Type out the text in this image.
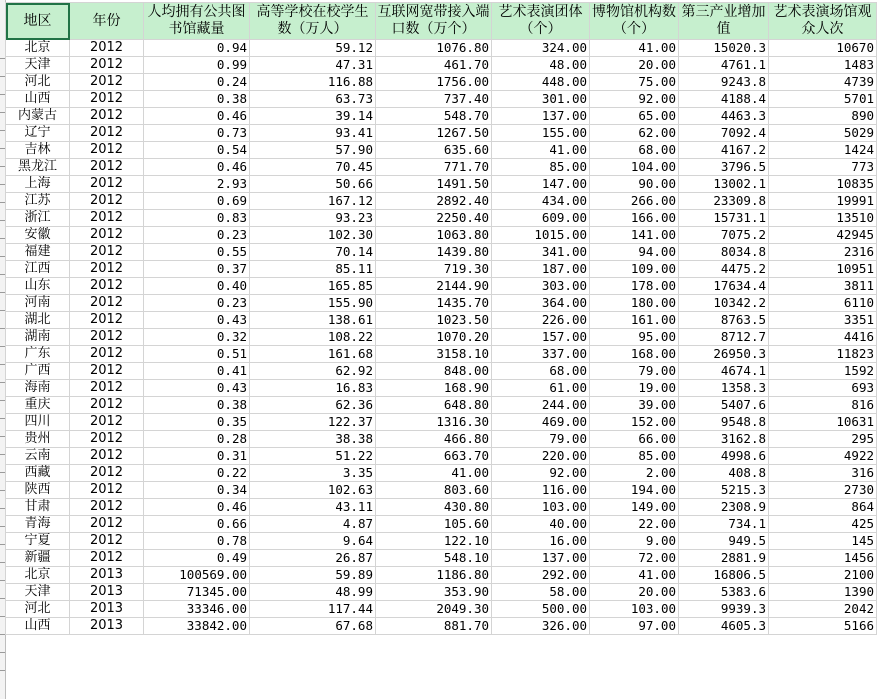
地区	年份	人均拥有公共图书馆藏量	高等学校在校学生数（万人）	互联网宽带接入端口数（万个）	艺术表演团体（个）	博物馆机构数（个）	第三产业增加值	艺术表演场馆观众人次
北京	2012	0.94	59.12	1076.80	324.00	41.00	15020.3	10670
天津	2012	0.99	47.31	461.70	48.00	20.00	4761.1	1483
河北	2012	0.24	116.88	1756.00	448.00	75.00	9243.8	4739
山西	2012	0.38	63.73	737.40	301.00	92.00	4188.4	5701
内蒙古	2012	0.46	39.14	548.70	137.00	65.00	4463.3	890
辽宁	2012	0.73	93.41	1267.50	155.00	62.00	7092.4	5029
吉林	2012	0.54	57.90	635.60	41.00	68.00	4167.2	1424
黑龙江	2012	0.46	70.45	771.70	85.00	104.00	3796.5	773
上海	2012	2.93	50.66	1491.50	147.00	90.00	13002.1	10835
江苏	2012	0.69	167.12	2892.40	434.00	266.00	23309.8	19991
浙江	2012	0.83	93.23	2250.40	609.00	166.00	15731.1	13510
安徽	2012	0.23	102.30	1063.80	1015.00	141.00	7075.2	42945
福建	2012	0.55	70.14	1439.80	341.00	94.00	8034.8	2316
江西	2012	0.37	85.11	719.30	187.00	109.00	4475.2	10951
山东	2012	0.40	165.85	2144.90	303.00	178.00	17634.4	3811
河南	2012	0.23	155.90	1435.70	364.00	180.00	10342.2	6110
湖北	2012	0.43	138.61	1023.50	226.00	161.00	8763.5	3351
湖南	2012	0.32	108.22	1070.20	157.00	95.00	8712.7	4416
广东	2012	0.51	161.68	3158.10	337.00	168.00	26950.3	11823
广西	2012	0.41	62.92	848.00	68.00	79.00	4674.1	1592
海南	2012	0.43	16.83	168.90	61.00	19.00	1358.3	693
重庆	2012	0.38	62.36	648.80	244.00	39.00	5407.6	816
四川	2012	0.35	122.37	1316.30	469.00	152.00	9548.8	10631
贵州	2012	0.28	38.38	466.80	79.00	66.00	3162.8	295
云南	2012	0.31	51.22	663.70	220.00	85.00	4998.6	4922
西藏	2012	0.22	3.35	41.00	92.00	2.00	408.8	316
陕西	2012	0.34	102.63	803.60	116.00	194.00	5215.3	2730
甘肃	2012	0.46	43.11	430.80	103.00	149.00	2308.9	864
青海	2012	0.66	4.87	105.60	40.00	22.00	734.1	425
宁夏	2012	0.78	9.64	122.10	16.00	9.00	949.5	145
新疆	2012	0.49	26.87	548.10	137.00	72.00	2881.9	1456
北京	2013	100569.00	59.89	1186.80	292.00	41.00	16806.5	2100
天津	2013	71345.00	48.99	353.90	58.00	20.00	5383.6	1390
河北	2013	33346.00	117.44	2049.30	500.00	103.00	9939.3	2042
山西	2013	33842.00	67.68	881.70	326.00	97.00	4605.3	5166
